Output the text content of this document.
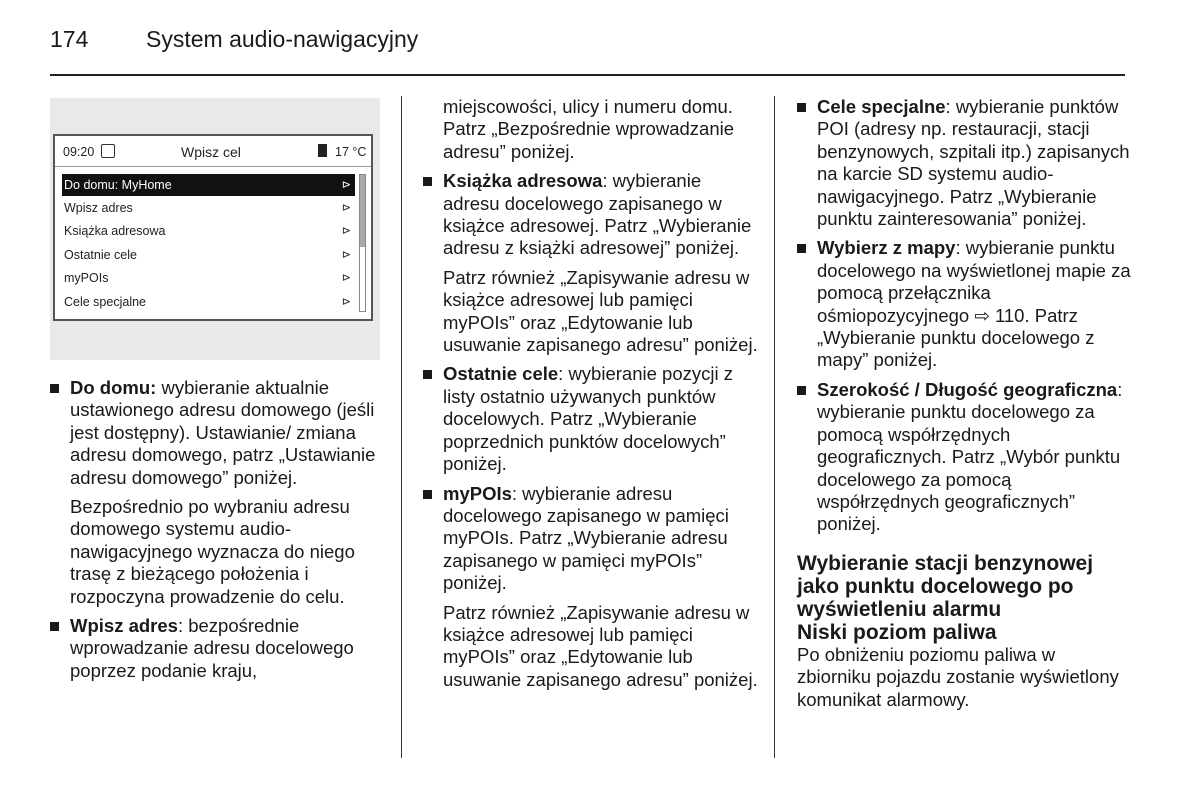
174	System audio-nawigacyjny
09:20	Wpisz cel	17 °C
Do domu: MyHome	⊳
Wpisz adres	⊳
Książka adresowa	⊳
Ostatnie cele	⊳
myPOIs	⊳
Cele specjalne	⊳
Do domu: wybieranie aktualnie ustawionego adresu domowego (jeśli jest dostępny). Ustawianie/ zmiana adresu domowego, patrz „Ustawianie adresu domowego” poniżej.

Bezpośrednio po wybraniu adresu domowego systemu audio-nawigacyjnego wyznacza do niego trasę z bieżącego położenia i rozpoczyna prowadzenie do celu.

Wpisz adres: bezpośrednie wprowadzanie adresu docelowego poprzez podanie kraju,

miejscowości, ulicy i numeru domu. Patrz „Bezpośrednie wprowadzanie adresu” poniżej.

Książka adresowa: wybieranie adresu docelowego zapisanego w książce adresowej. Patrz „Wybieranie adresu z książki adresowej” poniżej.

Patrz również „Zapisywanie adresu w książce adresowej lub pamięci myPOIs” oraz „Edytowanie lub usuwanie zapisanego adresu” poniżej.

Ostatnie cele: wybieranie pozycji z listy ostatnio używanych punktów docelowych. Patrz „Wybieranie poprzednich punktów docelowych” poniżej.
myPOIs: wybieranie adresu docelowego zapisanego w pamięci myPOIs. Patrz „Wybieranie adresu zapisanego w pamięci myPOIs” poniżej.

Patrz również „Zapisywanie adresu w książce adresowej lub pamięci myPOIs” oraz „Edytowanie lub usuwanie zapisanego adresu” poniżej.

Cele specjalne: wybieranie punktów POI (adresy np. restauracji, stacji benzynowych, szpitali itp.) zapisanych na karcie SD systemu audio-nawigacyjnego. Patrz „Wybieranie punktu zainteresowania” poniżej.
Wybierz z mapy: wybieranie punktu docelowego na wyświetlonej mapie za pomocą przełącznika ośmiopozycyjnego ⇨ 110. Patrz „Wybieranie punktu docelowego z mapy” poniżej.
Szerokość / Długość geograficzna: wybieranie punktu docelowego za pomocą współrzędnych geograficznych. Patrz „Wybór punktu docelowego za pomocą współrzędnych geograficznych” poniżej.
Wybieranie stacji benzynowej jako punktu docelowego po wyświetleniu alarmu
Niski poziom paliwa

Po obniżeniu poziomu paliwa w zbiorniku pojazdu zostanie wyświetlony komunikat alarmowy.
